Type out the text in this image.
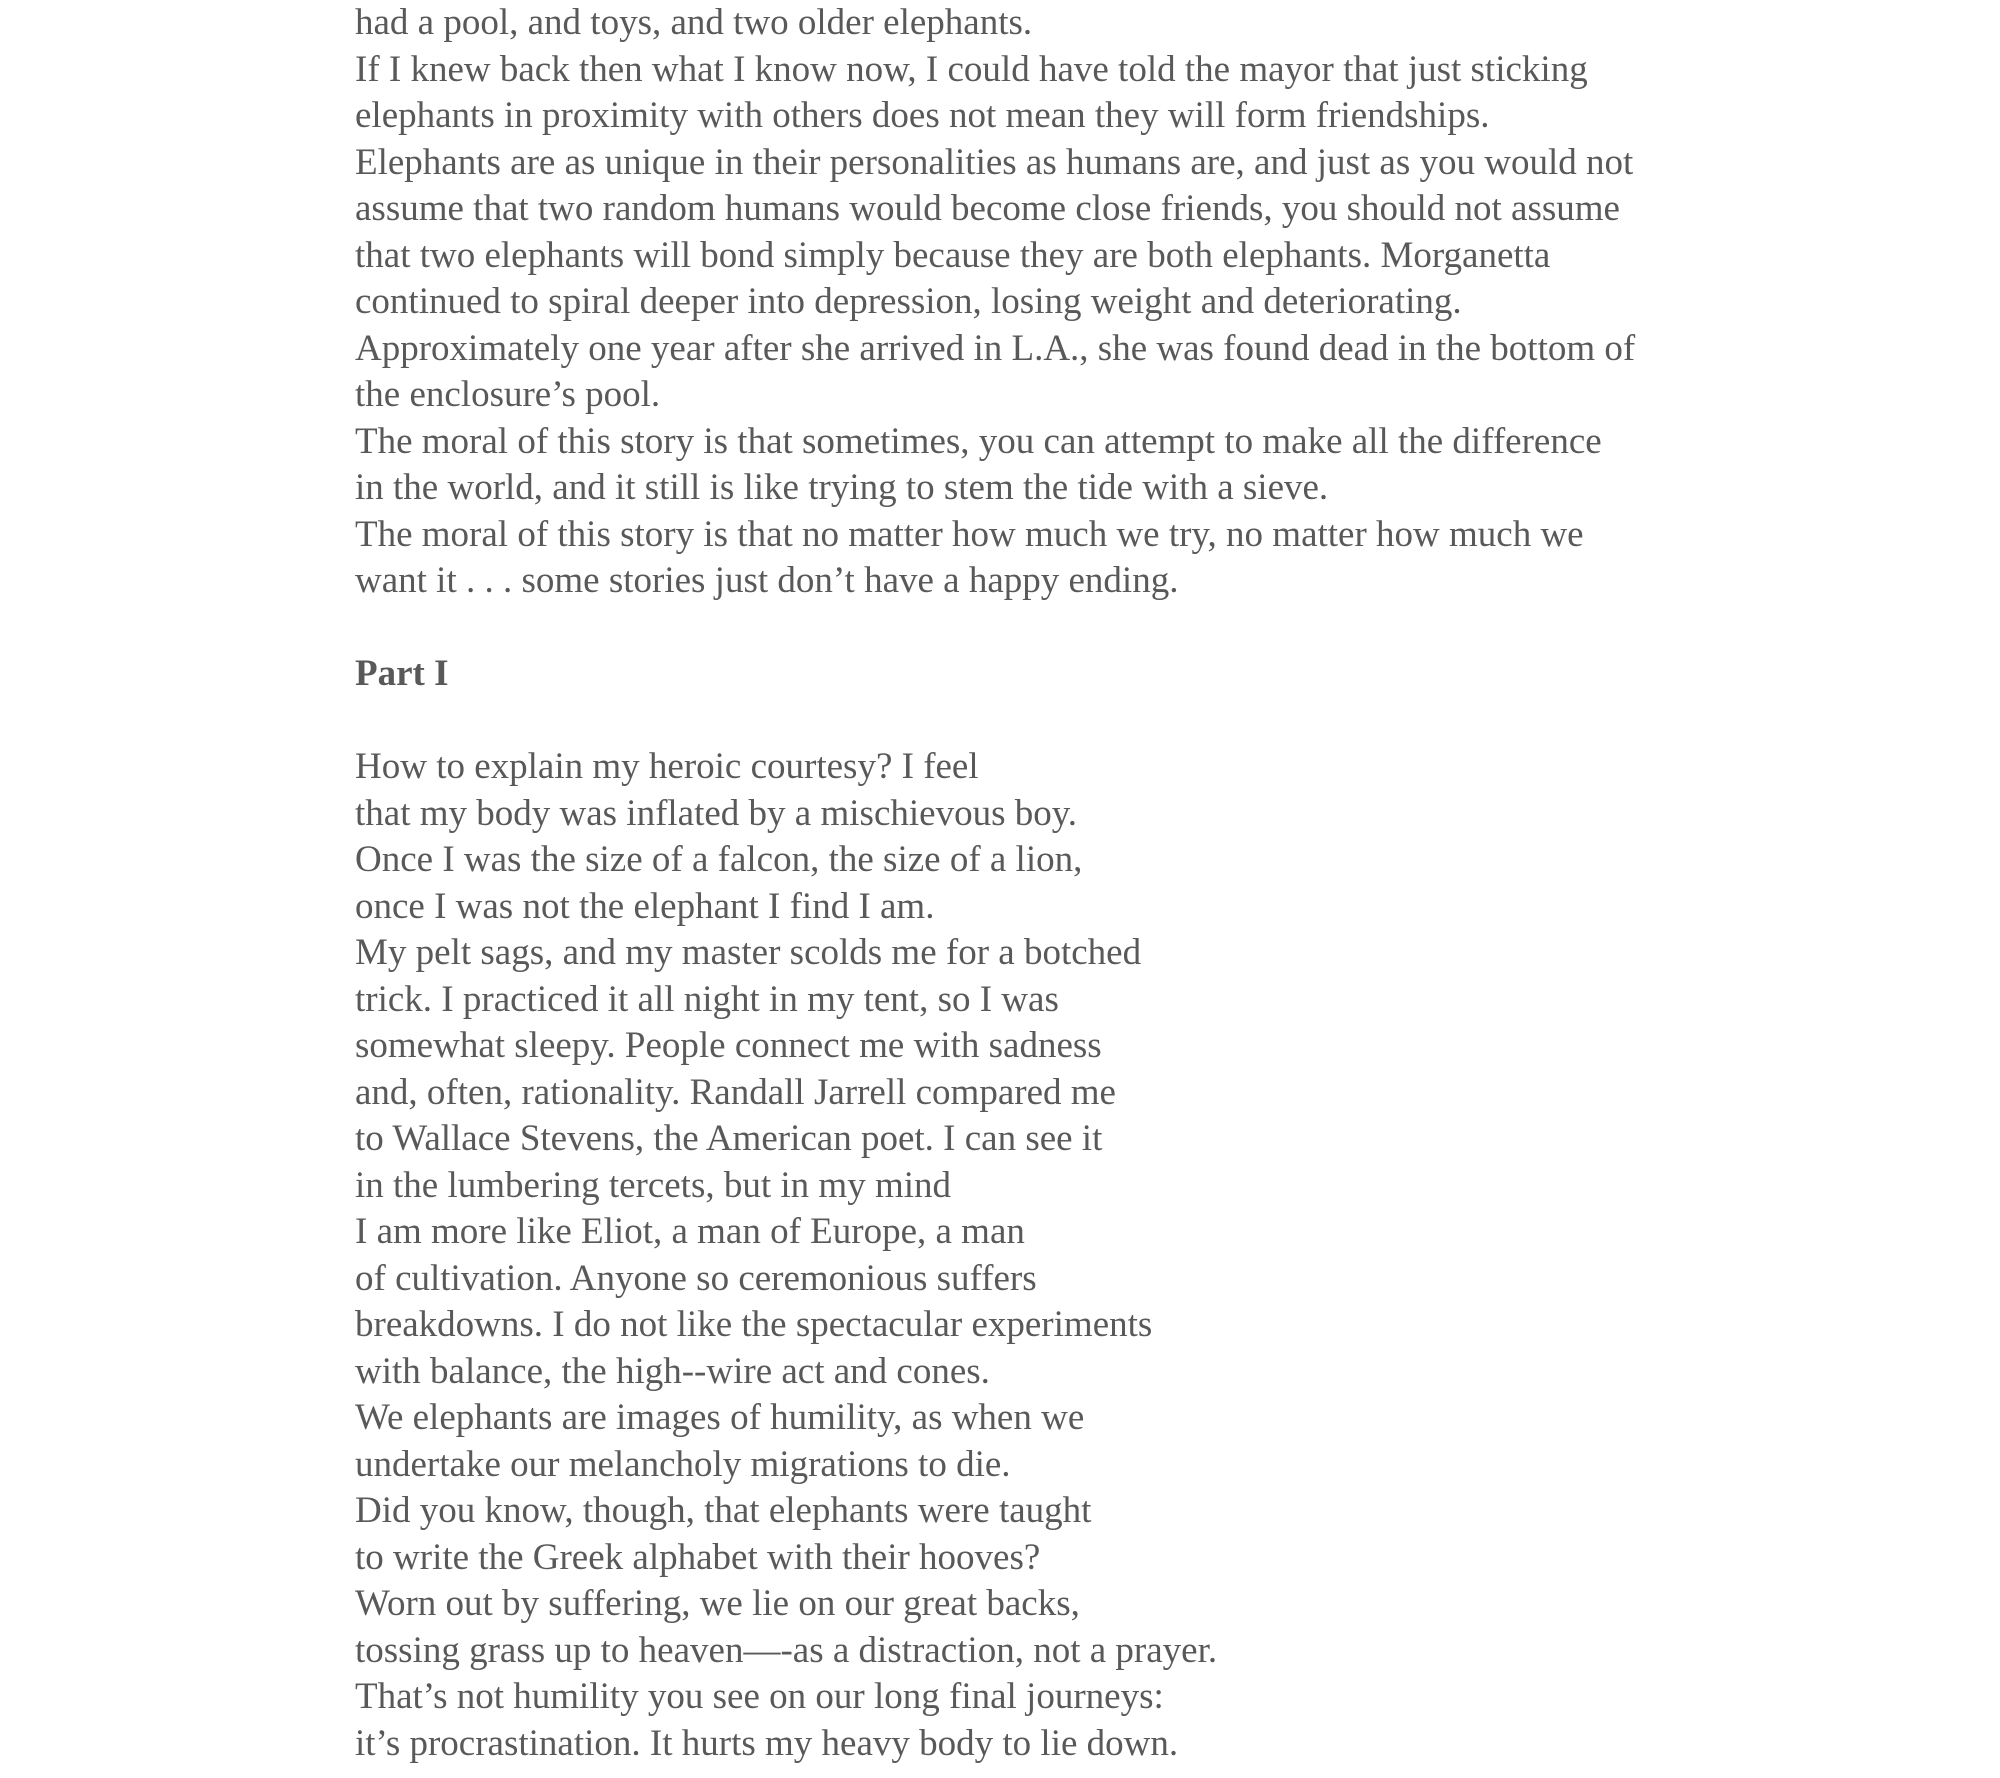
had a pool, and toys, and two older elephants.
If I knew back then what I know now, I could have told the mayor that just sticking
elephants in proximity with others does not mean they will form friendships.
Elephants are as unique in their personalities as humans are, and just as you would not
assume that two random humans would become close friends, you should not assume
that two elephants will bond simply because they are both elephants. Morganetta
continued to spiral deeper into depression, losing weight and deteriorating.
Approximately one year after she arrived in L.A., she was found dead in the bottom of
the enclosure’s pool.
The moral of this story is that sometimes, you can attempt to make all the difference
in the world, and it still is like trying to stem the tide with a sieve.
The moral of this story is that no matter how much we try, no matter how much we
want it . . . some stories just don’t have a happy ending.
Part I
How to explain my heroic courtesy? I feel
that my body was inflated by a mischievous boy.
Once I was the size of a falcon, the size of a lion,
once I was not the elephant I find I am.
My pelt sags, and my master scolds me for a botched
trick. I practiced it all night in my tent, so I was
somewhat sleepy. People connect me with sadness
and, often, rationality. Randall Jarrell compared me
to Wallace Stevens, the American poet. I can see it
in the lumbering tercets, but in my mind
I am more like Eliot, a man of Europe, a man
of cultivation. Anyone so ceremonious suffers
breakdowns. I do not like the spectacular experiments
with balance, the high--wire act and cones.
We elephants are images of humility, as when we
undertake our melancholy migrations to die.
Did you know, though, that elephants were taught
to write the Greek alphabet with their hooves?
Worn out by suffering, we lie on our great backs,
tossing grass up to heaven—-as a distraction, not a prayer.
That’s not humility you see on our long final journeys:
it’s procrastination. It hurts my heavy body to lie down.
